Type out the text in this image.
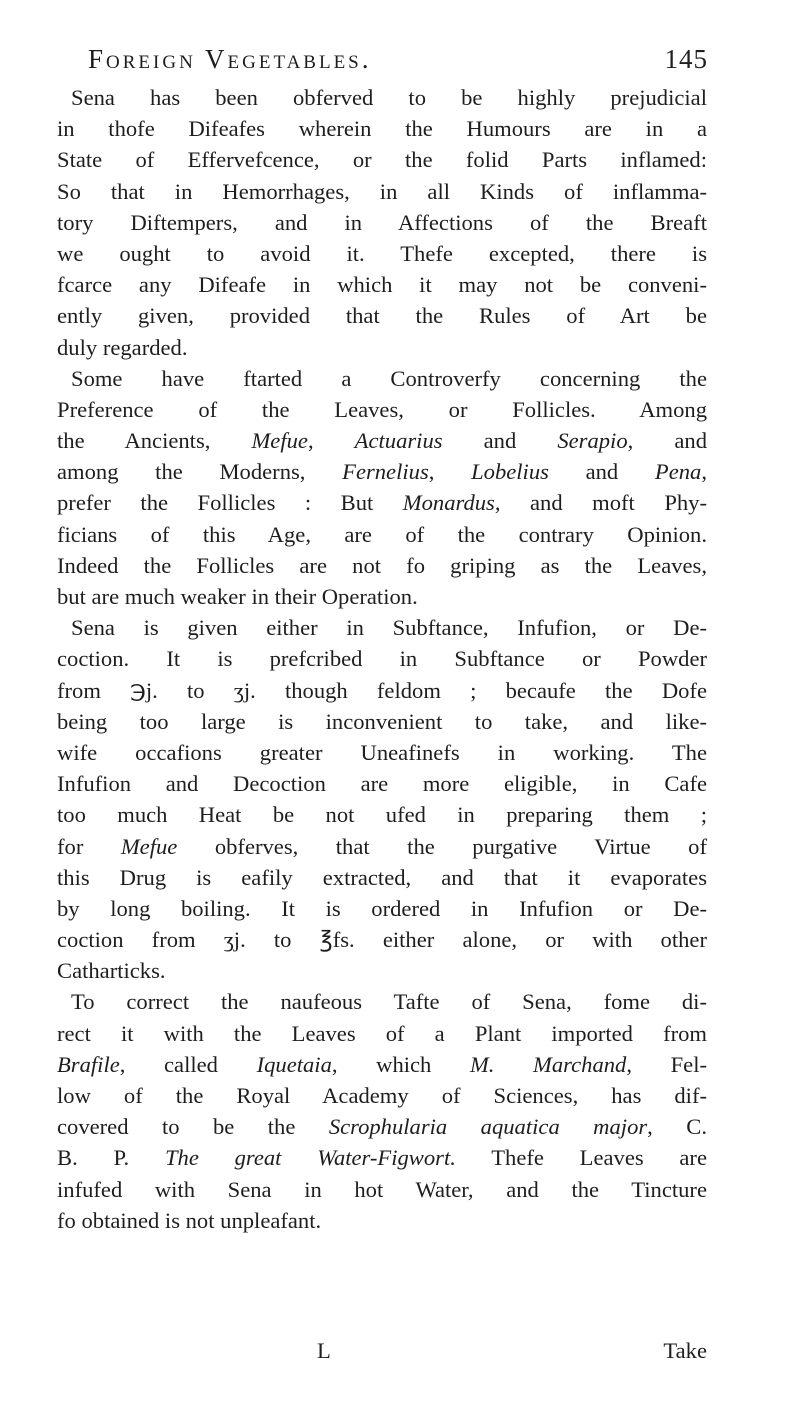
Foreign Vegetables.	145
Sena has been obferved to be highly prejudicial
in thofe Difeafes wherein the Humours are in a
State of Effervefcence, or the folid Parts inflamed:
So that in Hemorrhages, in all Kinds of inflamma-
tory Diftempers, and in Affections of the Breaft
we ought to avoid it. Thefe excepted, there is
fcarce any Difeafe in which it may not be conveni-
ently given, provided that the Rules of Art be
duly regarded.
Some have ftarted a Controverfy concerning the
Preference of the Leaves, or Follicles. Among
the Ancients, Mefue, Actuarius and Serapio, and
among the Moderns, Fernelius, Lobelius and Pena,
prefer the Follicles : But Monardus, and moft Phy-
ficians of this Age, are of the contrary Opinion.
Indeed the Follicles are not fo griping as the Leaves,
but are much weaker in their Operation.
Sena is given either in Subftance, Infufion, or De-
coction. It is prefcribed in Subftance or Powder
from ℈j. to ʒj. though feldom ; becaufe the Dofe
being too large is inconvenient to take, and like-
wife occafions greater Uneafinefs in working. The
Infufion and Decoction are more eligible, in Cafe
too much Heat be not ufed in preparing them ;
for Mefue obferves, that the purgative Virtue of
this Drug is eafily extracted, and that it evaporates
by long boiling. It is ordered in Infufion or De-
coction from ʒj. to ℥fs. either alone, or with other
Catharticks.
To correct the naufeous Tafte of Sena, fome di-
rect it with the Leaves of a Plant imported from
Brafile, called Iquetaia, which M. Marchand, Fel-
low of the Royal Academy of Sciences, has dif-
covered to be the Scrophularia aquatica major, C.
B. P. The great Water-Figwort. Thefe Leaves are
infufed with Sena in hot Water, and the Tincture
fo obtained is not unpleafant.
L	Take
